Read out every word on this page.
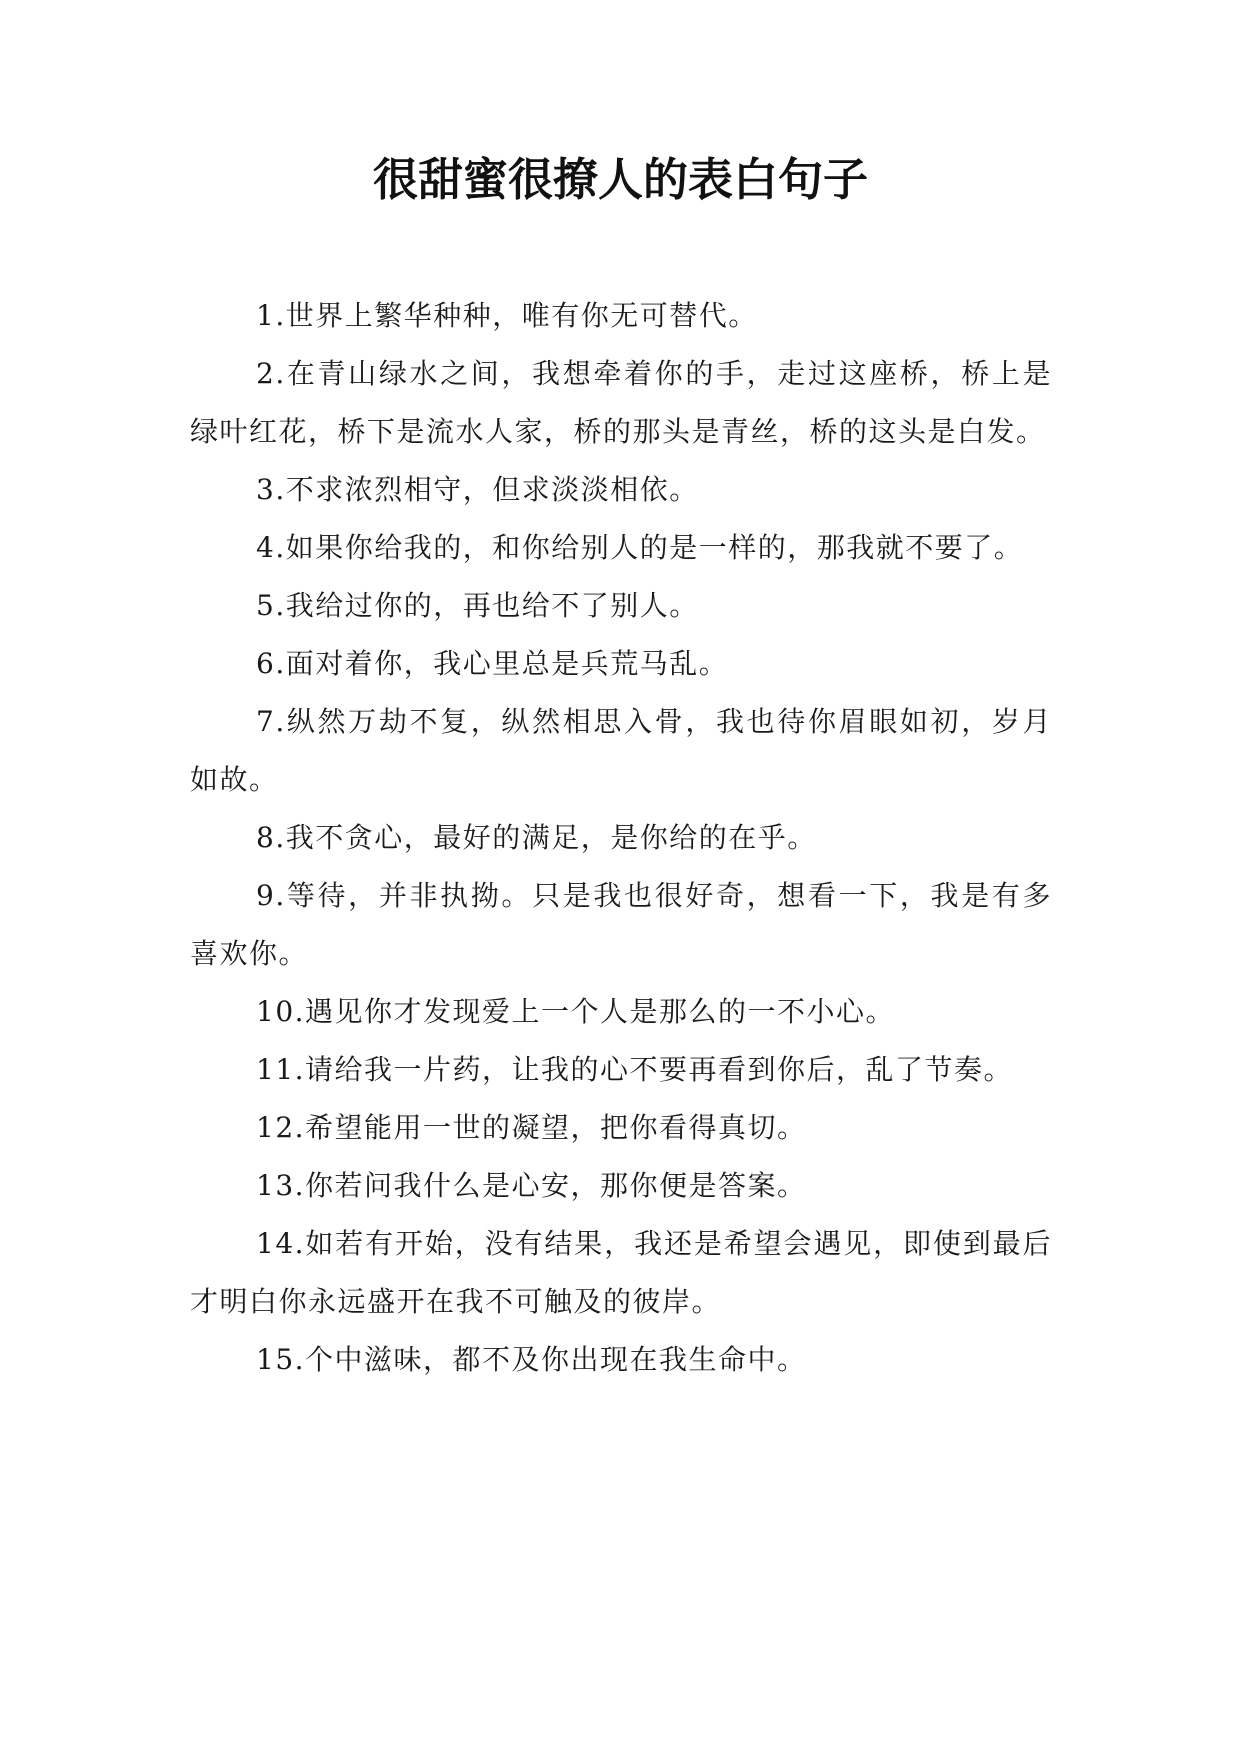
很甜蜜很撩人的表白句子

1.世界上繁华种种，唯有你无可替代。

2.在青山绿水之间，我想牵着你的手，走过这座桥，桥上是绿叶红花，桥下是流水人家，桥的那头是青丝，桥的这头是白发。

3.不求浓烈相守，但求淡淡相依。

4.如果你给我的，和你给别人的是一样的，那我就不要了。

5.我给过你的，再也给不了别人。

6.面对着你，我心里总是兵荒马乱。

7.纵然万劫不复，纵然相思入骨，我也待你眉眼如初，岁月如故。

8.我不贪心，最好的满足，是你给的在乎。

9.等待，并非执拗。只是我也很好奇，想看一下，我是有多喜欢你。

10.遇见你才发现爱上一个人是那么的一不小心。

11.请给我一片药，让我的心不要再看到你后，乱了节奏。

12.希望能用一世的凝望，把你看得真切。

13.你若问我什么是心安，那你便是答案。

14.如若有开始，没有结果，我还是希望会遇见，即使到最后才明白你永远盛开在我不可触及的彼岸。

15.个中滋味，都不及你出现在我生命中。
